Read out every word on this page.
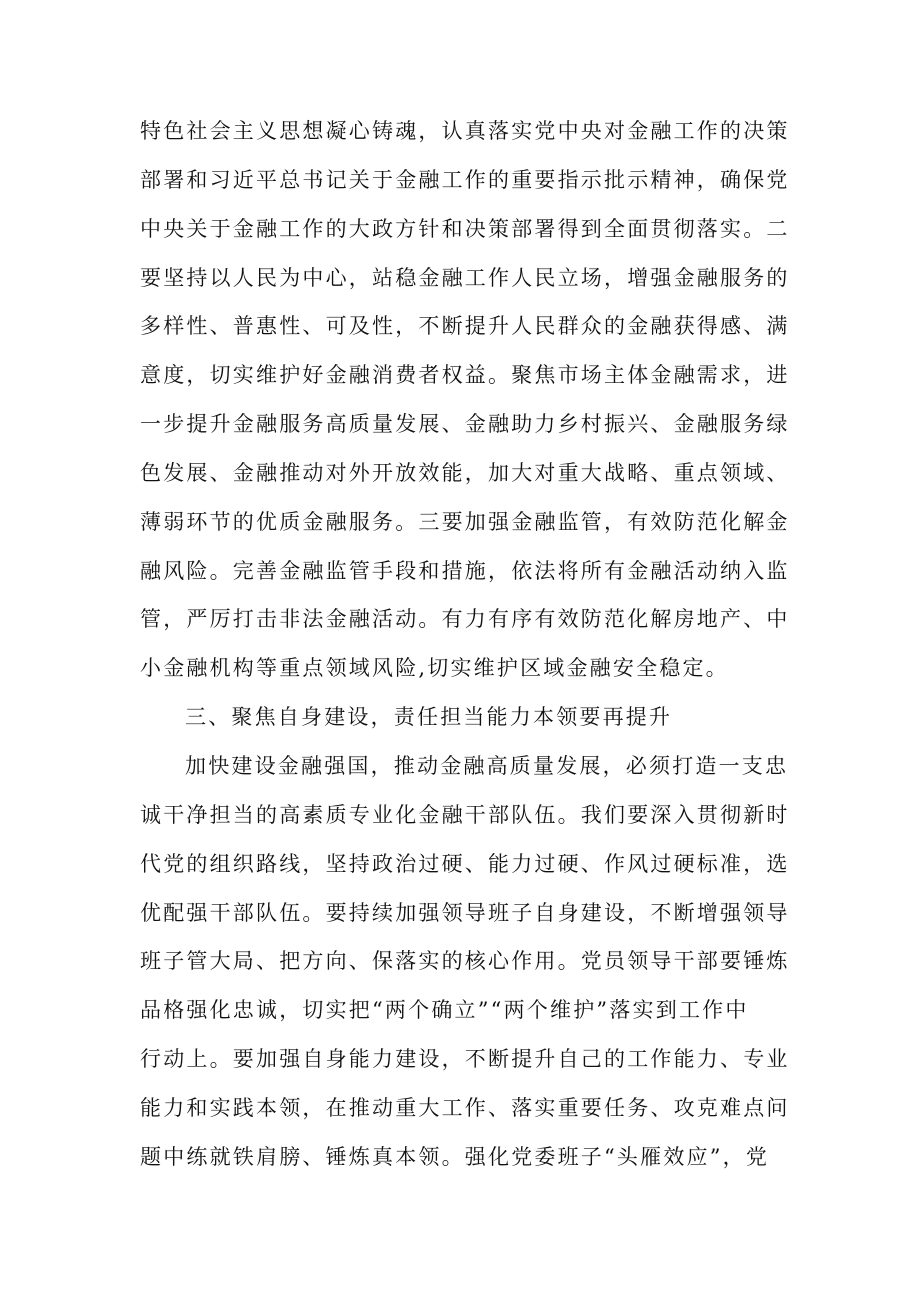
特色社会主义思想凝心铸魂，认真落实党中央对金融工作的决策
部署和习近平总书记关于金融工作的重要指示批示精神，确保党
中央关于金融工作的大政方针和决策部署得到全面贯彻落实。二
要坚持以人民为中心，站稳金融工作人民立场，增强金融服务的
多样性、普惠性、可及性，不断提升人民群众的金融获得感、满
意度，切实维护好金融消费者权益。聚焦市场主体金融需求，进
一步提升金融服务高质量发展、金融助力乡村振兴、金融服务绿
色发展、金融推动对外开放效能，加大对重大战略、重点领域、
薄弱环节的优质金融服务。三要加强金融监管，有效防范化解金
融风险。完善金融监管手段和措施，依法将所有金融活动纳入监
管，严厉打击非法金融活动。有力有序有效防范化解房地产、中
小金融机构等重点领域风险,切实维护区域金融安全稳定。
三、聚焦自身建设，责任担当能力本领要再提升
加快建设金融强国，推动金融高质量发展，必须打造一支忠
诚干净担当的高素质专业化金融干部队伍。我们要深入贯彻新时
代党的组织路线，坚持政治过硬、能力过硬、作风过硬标准，选
优配强干部队伍。要持续加强领导班子自身建设，不断增强领导
班子管大局、把方向、保落实的核心作用。党员领导干部要锤炼
品格强化忠诚，切实把“两个确立”“两个维护”落实到工作中
行动上。要加强自身能力建设，不断提升自己的工作能力、专业
能力和实践本领，在推动重大工作、落实重要任务、攻克难点问
题中练就铁肩膀、锤炼真本领。强化党委班子“头雁效应”，党
